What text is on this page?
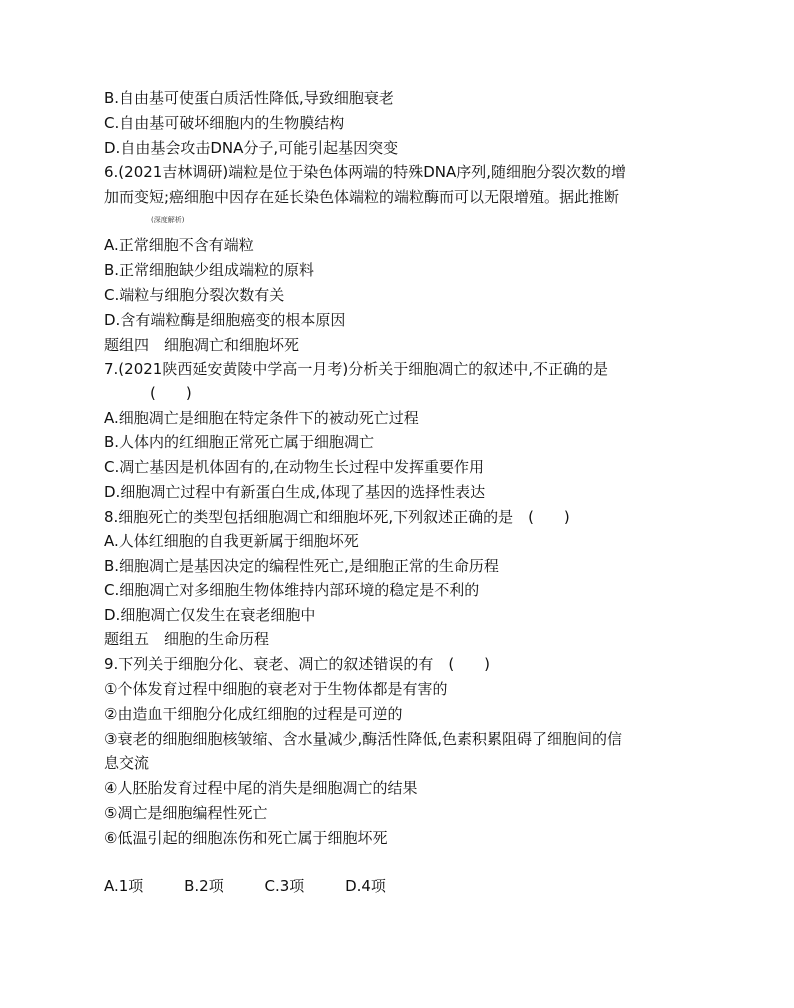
B.自由基可使蛋白质活性降低,导致细胞衰老
C.自由基可破坏细胞内的生物膜结构
D.自由基会攻击DNA分子,可能引起基因突变
6.(2021吉林调研)端粒是位于染色体两端的特殊DNA序列,随细胞分裂次数的增
加而变短;癌细胞中因存在延长染色体端粒的端粒酶而可以无限增殖。据此推断
(深度解析)
A.正常细胞不含有端粒
B.正常细胞缺少组成端粒的原料
C.端粒与细胞分裂次数有关
D.含有端粒酶是细胞癌变的根本原因
题组四　细胞凋亡和细胞坏死
7.(2021陕西延安黄陵中学高一月考)分析关于细胞凋亡的叙述中,不正确的是
(　　)
A.细胞凋亡是细胞在特定条件下的被动死亡过程
B.人体内的红细胞正常死亡属于细胞凋亡
C.凋亡基因是机体固有的,在动物生长过程中发挥重要作用
D.细胞凋亡过程中有新蛋白生成,体现了基因的选择性表达
8.细胞死亡的类型包括细胞凋亡和细胞坏死,下列叙述正确的是　(　　)
A.人体红细胞的自我更新属于细胞坏死
B.细胞凋亡是基因决定的编程性死亡,是细胞正常的生命历程
C.细胞凋亡对多细胞生物体维持内部环境的稳定是不利的
D.细胞凋亡仅发生在衰老细胞中
题组五　细胞的生命历程
9.下列关于细胞分化、衰老、凋亡的叙述错误的有　(　　)
①个体发育过程中细胞的衰老对于生物体都是有害的
②由造血干细胞分化成红细胞的过程是可逆的
③衰老的细胞细胞核皱缩、含水量减少,酶活性降低,色素积累阻碍了细胞间的信
息交流
④人胚胎发育过程中尾的消失是细胞凋亡的结果
⑤凋亡是细胞编程性死亡
⑥低温引起的细胞冻伤和死亡属于细胞坏死
A.1项	B.2项	C.3项	D.4项
